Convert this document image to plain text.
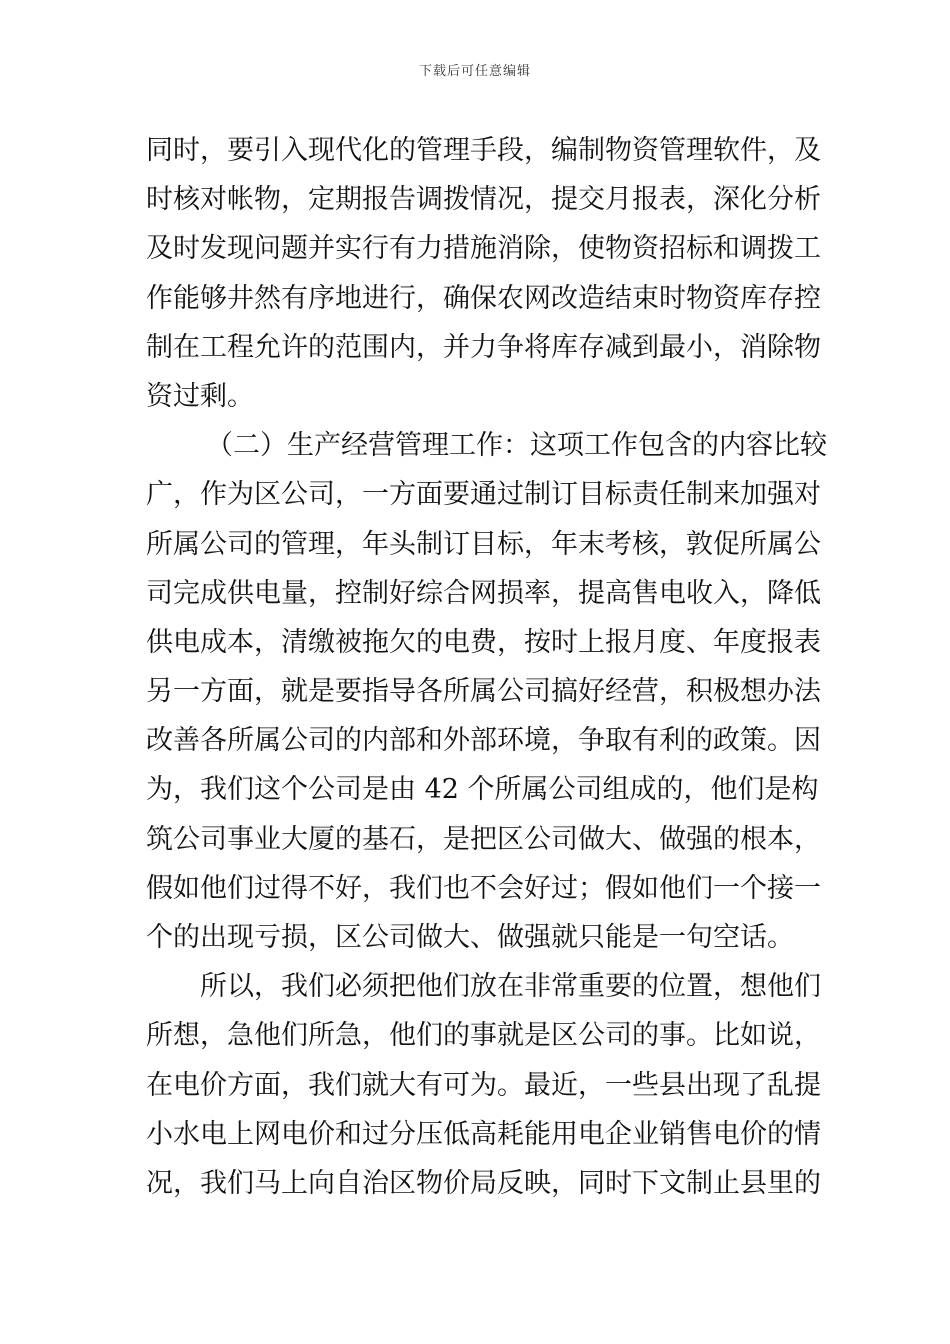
下载后可任意编辑
同时，要引入现代化的管理手段，编制物资管理软件，及
时核对帐物，定期报告调拨情况，提交月报表，深化分析
及时发现问题并实行有力措施消除，使物资招标和调拨工
作能够井然有序地进行，确保农网改造结束时物资库存控
制在工程允许的范围内，并力争将库存减到最小，消除物
资过剩。
（二）生产经营管理工作：这项工作包含的内容比较
广，作为区公司，一方面要通过制订目标责任制来加强对
所属公司的管理，年头制订目标，年末考核，敦促所属公
司完成供电量，控制好综合网损率，提高售电收入，降低
供电成本，清缴被拖欠的电费，按时上报月度、年度报表
另一方面，就是要指导各所属公司搞好经营，积极想办法
改善各所属公司的内部和外部环境，争取有利的政策。因
为，我们这个公司是由 42 个所属公司组成的，他们是构
筑公司事业大厦的基石，是把区公司做大、做强的根本，
假如他们过得不好，我们也不会好过；假如他们一个接一
个的出现亏损，区公司做大、做强就只能是一句空话。
所以，我们必须把他们放在非常重要的位置，想他们
所想，急他们所急，他们的事就是区公司的事。比如说，
在电价方面，我们就大有可为。最近，一些县出现了乱提
小水电上网电价和过分压低高耗能用电企业销售电价的情
况，我们马上向自治区物价局反映，同时下文制止县里的
